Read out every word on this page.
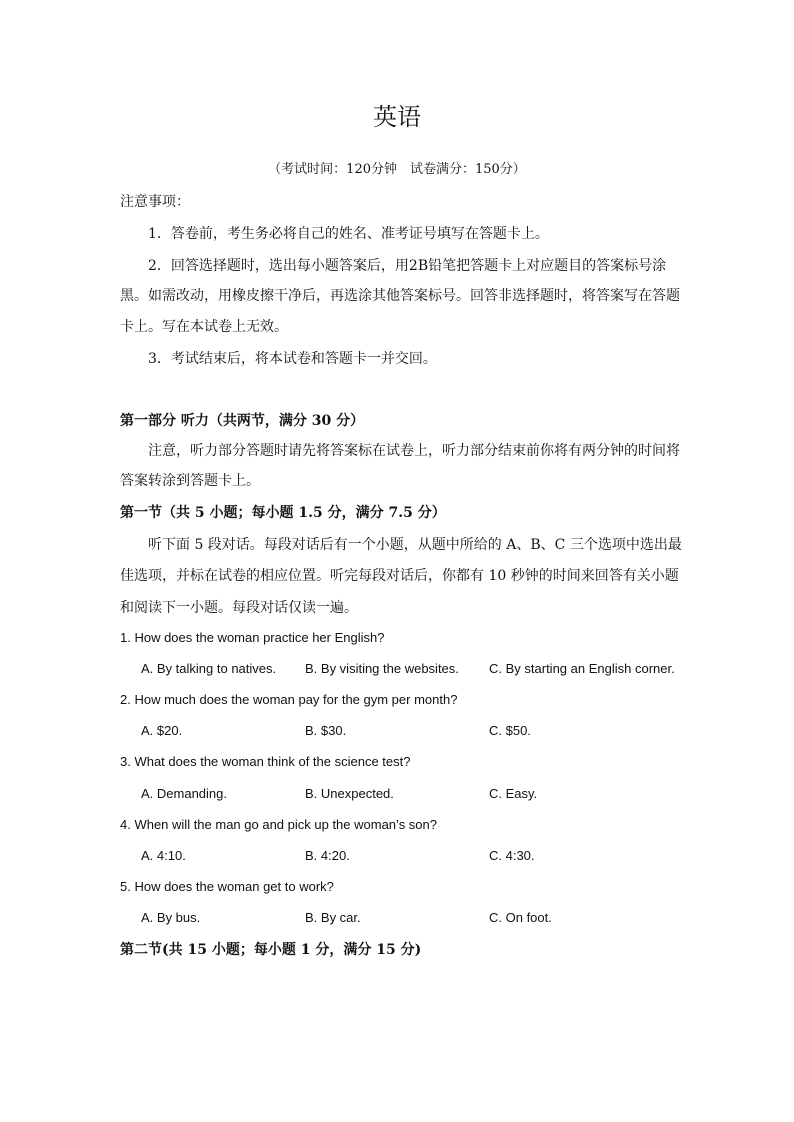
英语
（考试时间：120分钟　试卷满分：150分）
注意事项：
1．答卷前，考生务必将自己的姓名、准考证号填写在答题卡上。
2．回答选择题时，选出每小题答案后，用2B铅笔把答题卡上对应题目的答案标号涂
黑。如需改动，用橡皮擦干净后，再选涂其他答案标号。回答非选择题时，将答案写在答题
卡上。写在本试卷上无效。
3．考试结束后，将本试卷和答题卡一并交回。
第一部分 听力（共两节，满分 30 分）
注意，听力部分答题时请先将答案标在试卷上，听力部分结束前你将有两分钟的时间将
答案转涂到答题卡上。
第一节（共 5 小题；每小题 1.5 分，满分 7.5 分）
听下面 5 段对话。每段对话后有一个小题，从题中所给的 A、B、C 三个选项中选出最
佳选项，并标在试卷的相应位置。听完每段对话后，你都有 10 秒钟的时间来回答有关小题
和阅读下一小题。每段对话仅读一遍。
1. How does the woman practice her English?
A. By talking to natives. B. By visiting the websites. C. By starting an English corner.
2. How much does the woman pay for the gym per month?
A. $20.	B. $30.	C. $50.
3. What does the woman think of the science test?
A. Demanding.	B. Unexpected.	C. Easy.
4. When will the man go and pick up the woman’s son?
A. 4:10.	B. 4:20.	C. 4:30.
5. How does the woman get to work?
A. By bus.	B. By car.	C. On foot.
第二节(共 15 小题；每小题 1 分，满分 15 分)
